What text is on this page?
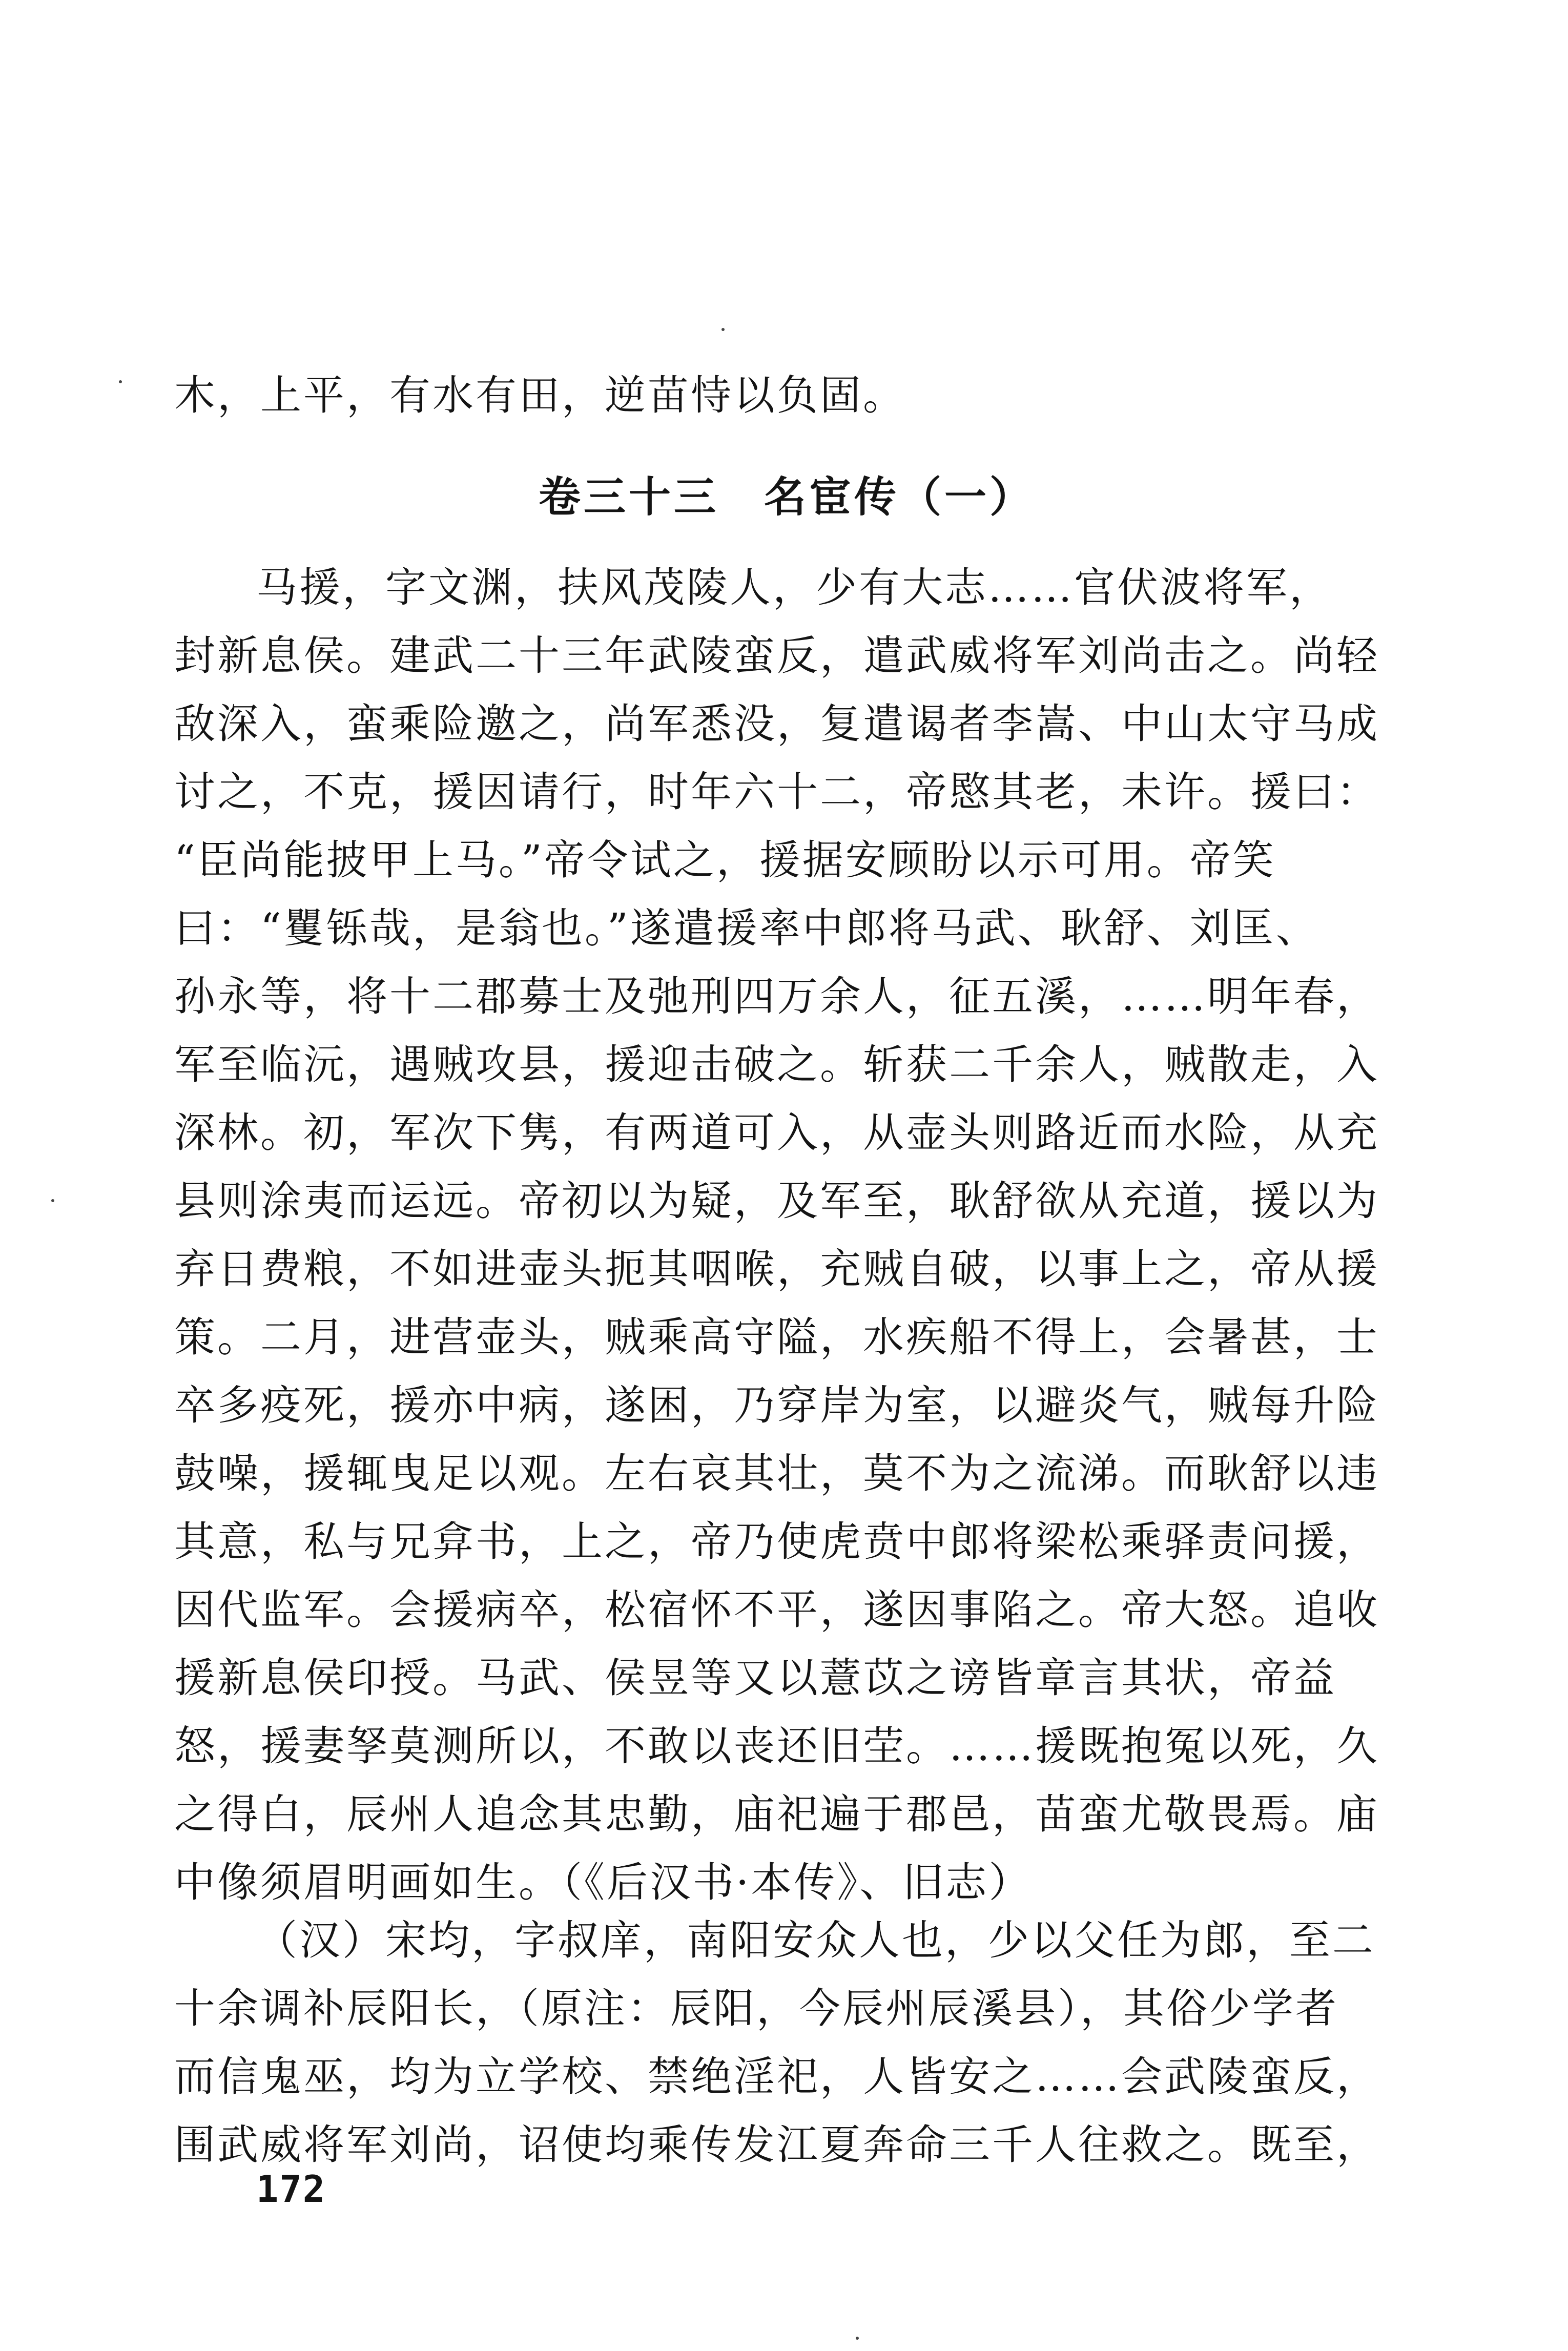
木，上平，有水有田，逆苗恃以负固。
卷三十三　名宦传（一）
马援，字文渊，扶风茂陵人，少有大志……官伏波将军，
封新息侯。建武二十三年武陵蛮反，遣武威将军刘尚击之。尚轻
敌深入，蛮乘险邀之，尚军悉没，复遣谒者李嵩、中山太守马成
讨之，不克，援因请行，时年六十二，帝愍其老，未许。援曰：
“臣尚能披甲上马。”帝令试之，援据安顾盼以示可用。帝笑
曰：“矍铄哉，是翁也。”遂遣援率中郎将马武、耿舒、刘匡、
孙永等，将十二郡募士及弛刑四万余人，征五溪，……明年春，
军至临沅，遇贼攻县，援迎击破之。斩获二千余人，贼散走，入
深林。初，军次下隽，有两道可入，从壶头则路近而水险，从充
县则涂夷而运远。帝初以为疑，及军至，耿舒欲从充道，援以为
弃日费粮，不如进壶头扼其咽喉，充贼自破，以事上之，帝从援
策。二月，进营壶头，贼乘高守隘，水疾船不得上，会暑甚，士
卒多疫死，援亦中病，遂困，乃穿岸为室，以避炎气，贼每升险
鼓噪，援辄曳足以观。左右哀其壮，莫不为之流涕。而耿舒以违
其意，私与兄弇书，上之，帝乃使虎贲中郎将梁松乘驿责问援，
因代监军。会援病卒，松宿怀不平，遂因事陷之。帝大怒。追收
援新息侯印授。马武、侯昱等又以薏苡之谤皆章言其状，帝益
怒，援妻孥莫测所以，不敢以丧还旧茔。……援既抱冤以死，久
之得白，辰州人追念其忠勤，庙祀遍于郡邑，苗蛮尤敬畏焉。庙
中像须眉明画如生。（《后汉书·本传》、旧志）
（汉）宋均，字叔庠，南阳安众人也，少以父任为郎，至二
十余调补辰阳长，（原注：辰阳，今辰州辰溪县），其俗少学者
而信鬼巫，均为立学校、禁绝淫祀，人皆安之……会武陵蛮反，
围武威将军刘尚，诏使均乘传发江夏奔命三千人往救之。既至，
172
